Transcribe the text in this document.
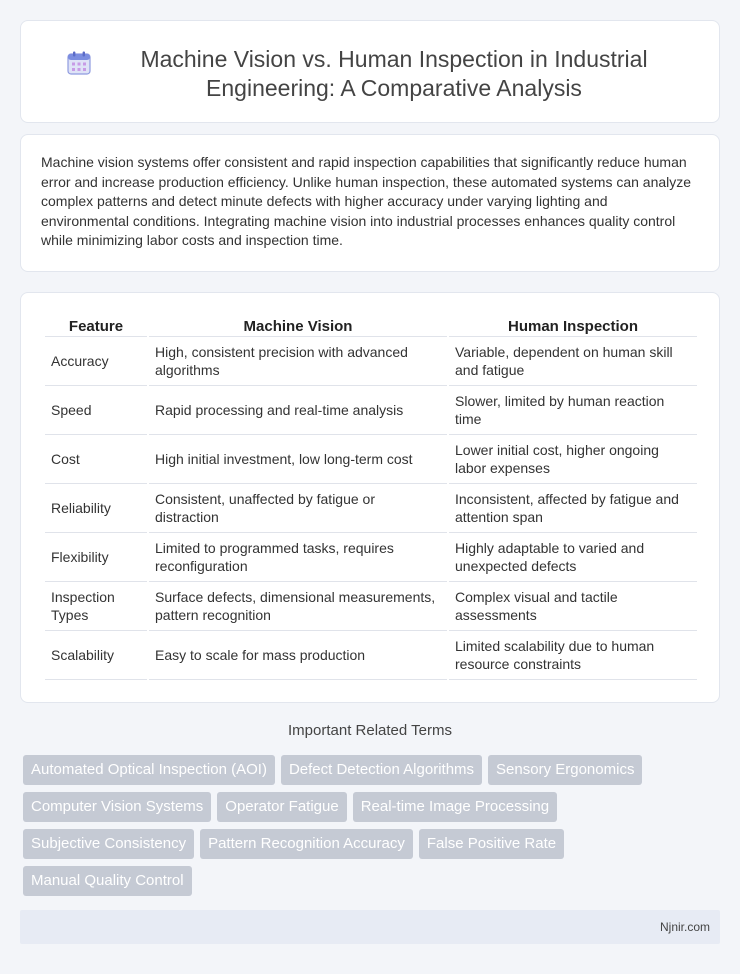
Machine Vision vs. Human Inspection in Industrial Engineering: A Comparative Analysis

Machine vision systems offer consistent and rapid inspection capabilities that significantly reduce human error and increase production efficiency. Unlike human inspection, these automated systems can analyze complex patterns and detect minute defects with higher accuracy under varying lighting and environmental conditions. Integrating machine vision into industrial processes enhances quality control while minimizing labor costs and inspection time.

Feature	Machine Vision	Human Inspection
Accuracy	High, consistent precision with advanced algorithms	Variable, dependent on human skill and fatigue
Speed	Rapid processing and real-time analysis	Slower, limited by human reaction time
Cost	High initial investment, low long-term cost	Lower initial cost, higher ongoing labor expenses
Reliability	Consistent, unaffected by fatigue or distraction	Inconsistent, affected by fatigue and attention span
Flexibility	Limited to programmed tasks, requires reconfiguration	Highly adaptable to varied and unexpected defects
Inspection Types	Surface defects, dimensional measurements, pattern recognition	Complex visual and tactile assessments
Scalability	Easy to scale for mass production	Limited scalability due to human resource constraints
Important Related Terms
Automated Optical Inspection (AOI)	Defect Detection Algorithms	Sensory Ergonomics
Computer Vision Systems	Operator Fatigue	Real-time Image Processing
Subjective Consistency	Pattern Recognition Accuracy	False Positive Rate
Manual Quality Control
Njnir.com
